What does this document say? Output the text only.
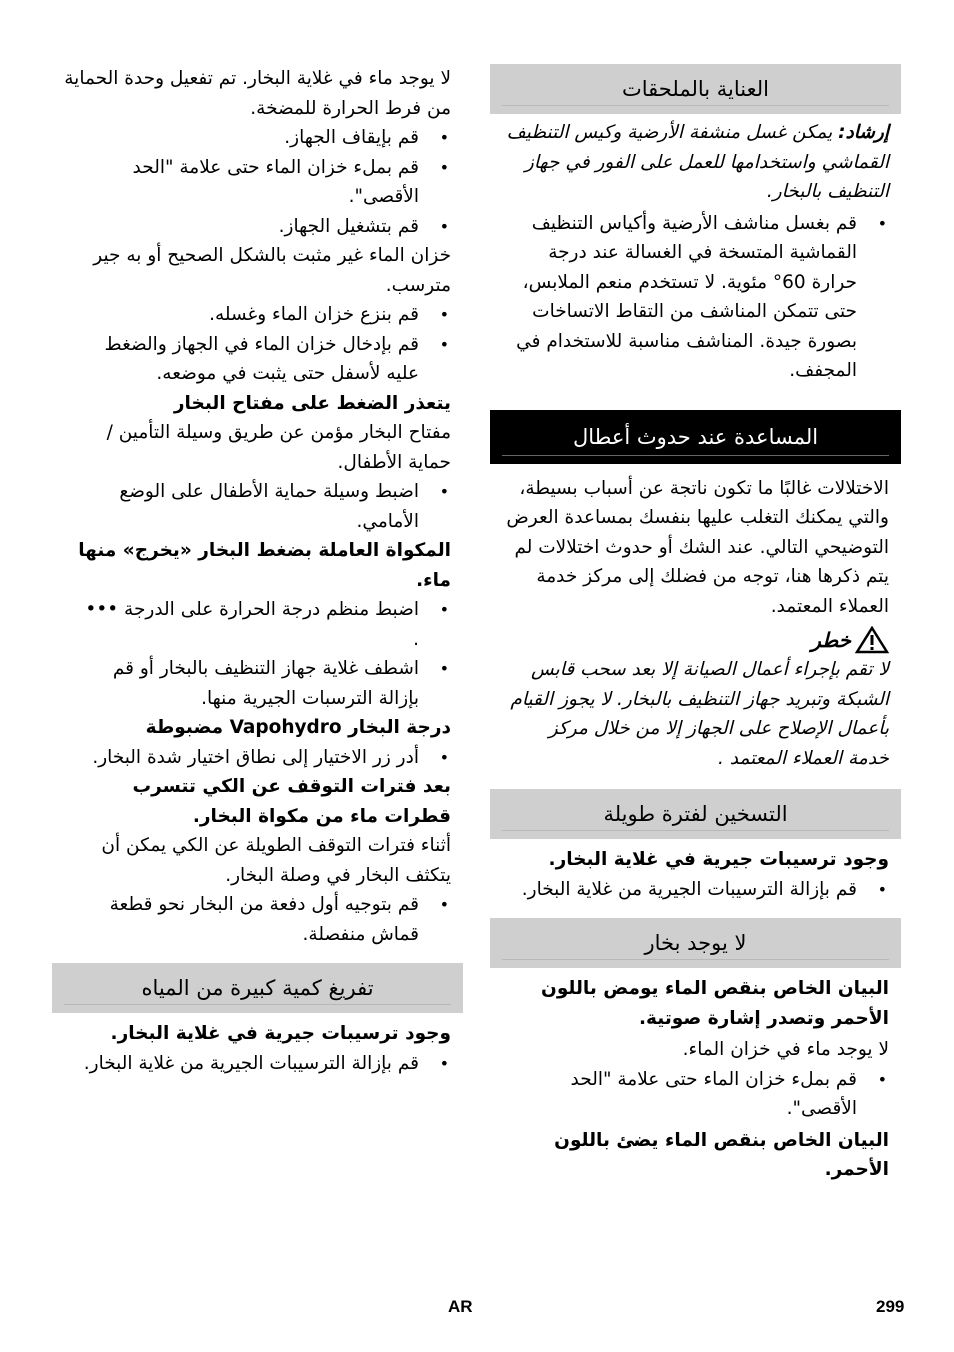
العناية بالملحقات

إرشاد: يمكن غسل منشفة الأرضية وكيس التنظيف القماشي واستخدامها للعمل على الفور في جهاز التنظيف بالبخار.

• قم بغسل مناشف الأرضية وأكياس التنظيف القماشية المتسخة في الغسالة عند درجة حرارة 60° مئوية. لا تستخدم منعم الملابس، حتى تتمكن المناشف من التقاط الاتساخات بصورة جيدة. المناشف مناسبة للاستخدام في المجفف.
المساعدة عند حدوث أعطال

الاختلالات غالبًا ما تكون ناتجة عن أسباب بسيطة، والتي يمكنك التغلب عليها بنفسك بمساعدة العرض التوضيحي التالي. عند الشك أو حدوث اختلالات لم يتم ذكرها هنا، توجه من فضلك إلى مركز خدمة العملاء المعتمد.

خطر

لا تقم بإجراء أعمال الصيانة إلا بعد سحب قابس الشبكة وتبريد جهاز التنظيف بالبخار. لا يجوز القيام بأعمال الإصلاح على الجهاز إلا من خلال مركز خدمة العملاء المعتمد .

التسخين لفترة طويلة

وجود ترسيبات جيرية في غلاية البخار.

• قم بإزالة الترسيبات الجيرية من غلاية البخار.
لا يوجد بخار

البيان الخاص بنقص الماء يومض باللون الأحمر وتصدر إشارة صوتية.

لا يوجد ماء في خزان الماء.

• قم بملء خزان الماء حتى علامة "الحد الأقصى".

البيان الخاص بنقص الماء يضئ باللون الأحمر.

لا يوجد ماء في غلاية البخار. تم تفعيل وحدة الحماية من فرط الحرارة للمضخة.

• قم بإيقاف الجهاز.
• قم بملء خزان الماء حتى علامة "الحد الأقصى".
• قم بتشغيل الجهاز.

خزان الماء غير مثبت بالشكل الصحيح أو به جير مترسب.

• قم بنزع خزان الماء وغسله.
• قم بإدخال خزان الماء في الجهاز والضغط عليه لأسفل حتى يثبت في موضعه.

يتعذر الضغط على مفتاح البخار

مفتاح البخار مؤمن عن طريق وسيلة التأمين / حماية الأطفال.

• اضبط وسيلة حماية الأطفال على الوضع الأمامي.

المكواة العاملة بضغط البخار «يخرج» منها ماء.

• اضبط منظم درجة الحرارة على الدرجة ••• .
• اشطف غلاية جهاز التنظيف بالبخار أو قم بإزالة الترسبات الجيرية منها.

درجة البخار Vapohydro مضبوطة

• أدر زر الاختيار إلى نطاق اختيار شدة البخار.

بعد فترات التوقف عن الكي تتسرب قطرات ماء من مكواة البخار.

أثناء فترات التوقف الطويلة عن الكي يمكن أن يتكثف البخار في وصلة البخار.

• قم بتوجيه أول دفعة من البخار نحو قطعة قماش منفصلة.
تفريغ كمية كبيرة من المياه

وجود ترسيبات جيرية في غلاية البخار.

• قم بإزالة الترسيبات الجيرية من غلاية البخار.
AR	299
